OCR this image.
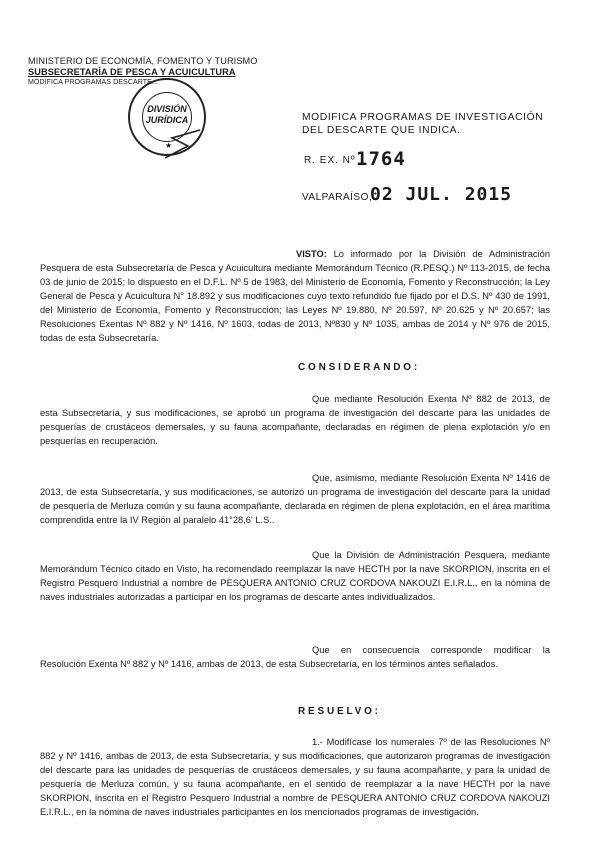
MINISTERIO DE ECONOMÍA, FOMENTO Y TURISMO
SUBSECRETARÍA DE PESCA Y ACUICULTURA
MODIFICA PROGRAMAS DESCARTE...
DIVISIÓN JURÍDICA
★
MODIFICA PROGRAMAS DE INVESTIGACIÓN DEL DESCARTE QUE INDICA.
R. EX. Nº 1764
VALPARAÍSO,
02 JUL. 2015
VISTO: Lo informado por la División de Administración Pesquera de esta Subsecretaría de Pesca y Acuicultura mediante Memorándum Técnico (R.PESQ.) Nº 113-2015, de fecha 03 de junio de 2015; lo dispuesto en el D.F.L. Nº 5 de 1983, del Ministerio de Economía, Fomento y Reconstrucción; la Ley General de Pesca y Acuicultura N° 18.892 y sus modificaciones cuyo texto refundido fue fijado por el D.S. Nº 430 de 1991, del Ministerio de Economía, Fomento y Reconstrucción; las Leyes Nº 19.880, Nº 20.597, Nº 20.625 y Nº 20.657; las Resoluciones Exentas Nº 882 y Nº 1416, Nº 1603, todas de 2013, Nº830 y Nº 1035, ambas de 2014 y Nº 976 de 2015, todas de esta Subsecretaría.
CONSIDERANDO:
Que mediante Resolución Exenta Nº 882 de 2013, de esta Subsecretaría, y sus modificaciones, se aprobó un programa de investigación del descarte para las unidades de pesquerías de crustáceos demersales, y su fauna acompañante, declaradas en régimen de plena explotación y/o en pesquerías en recuperación.
Que, asimismo, mediante Resolución Exenta Nº 1416 de 2013, de esta Subsecretaría, y sus modificaciones, se autorizó un programa de investigación del descarte para la unidad de pesquería de Merluza común y su fauna acompañante, declarada en régimen de plena explotación, en el área marítima comprendida entre la IV Región al paralelo 41°28,6' L.S..
Que la División de Administración Pesquera, mediante Memorándum Técnico citado en Visto, ha recomendado reemplazar la nave HECTH por la nave SKORPION, inscrita en el Registro Pesquero Industrial a nombre de PESQUERA ANTONIO CRUZ CORDOVA NAKOUZI E.I.R.L., en la nómina de naves industriales autorizadas a participar en los programas de descarte antes individualizados.
Que en consecuencia corresponde modificar la Resolución Exenta Nº 882 y Nº 1416, ambas de 2013, de esta Subsecretaría, en los términos antes señalados.
RESUELVO:
1.- Modifícase los numerales 7º de las Resoluciones Nº 882 y Nº 1416, ambas de 2013, de esta Subsecretaría, y sus modificaciones, que autorizaron programas de investigación del descarte para las unidades de pesquerías de crustáceos demersales, y su fauna acompañante, y para la unidad de pesquería de Merluza común, y su fauna acompañante, en el sentido de reemplazar a la nave HECTH por la nave SKORPION, inscrita en el Registro Pesquero Industrial a nombre de PESQUERA ANTONIO CRUZ CORDOVA NAKOUZI E.I.R.L., en la nómina de naves industriales participantes en los mencionados programas de investigación.
